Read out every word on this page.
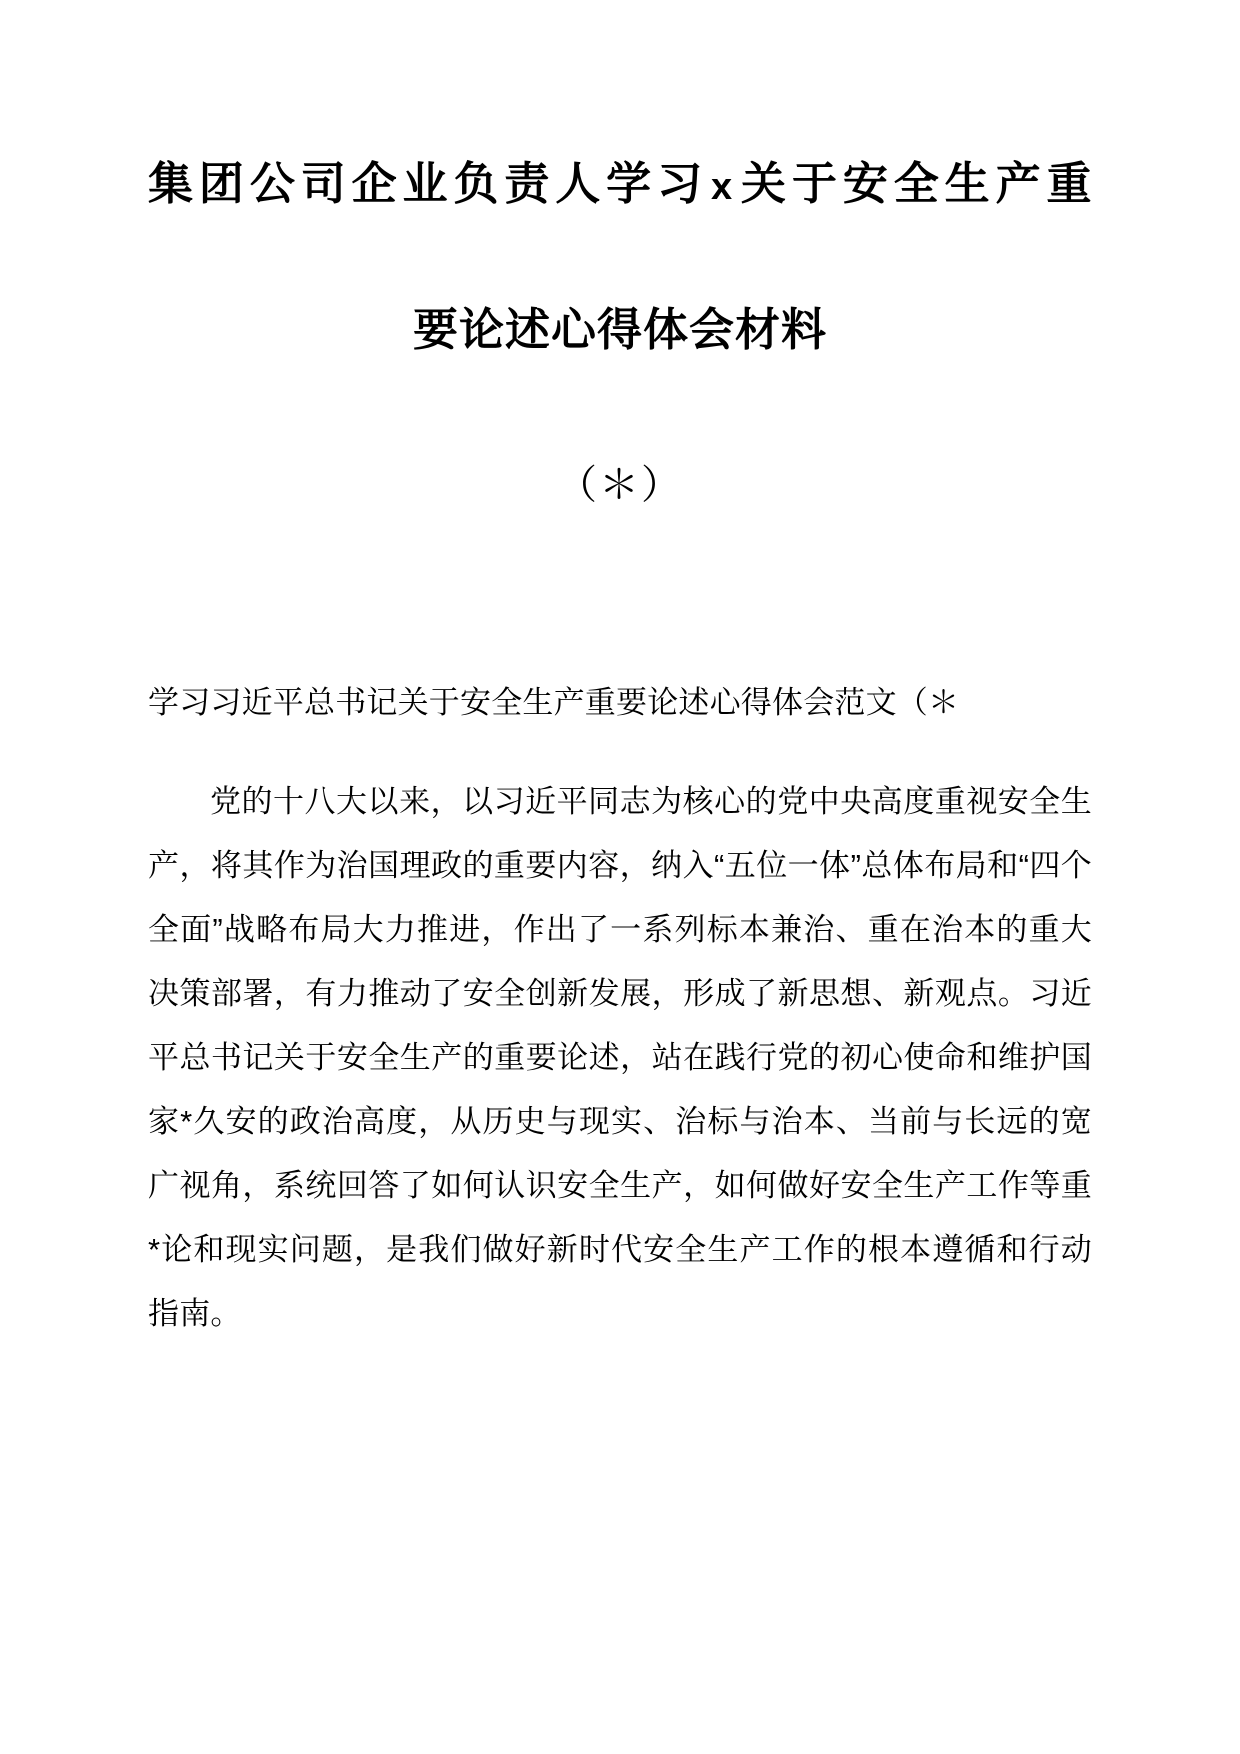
集团公司企业负责人学习x关于安全生产重
要论述心得体会材料

（＊）

学习习近平总书记关于安全生产重要论述心得体会范文（＊

党的十八大以来，以习近平同志为核心的党中央高度重视安全生产，将其作为治国理政的重要内容，纳入“五位一体”总体布局和“四个全面”战略布局大力推进，作出了一系列标本兼治、重在治本的重大决策部署，有力推动了安全创新发展，形成了新思想、新观点。习近平总书记关于安全生产的重要论述，站在践行党的初心使命和维护国家*久安的政治高度，从历史与现实、治标与治本、当前与长远的宽广视角，系统回答了如何认识安全生产，如何做好安全生产工作等重*论和现实问题，是我们做好新时代安全生产工作的根本遵循和行动指南。
